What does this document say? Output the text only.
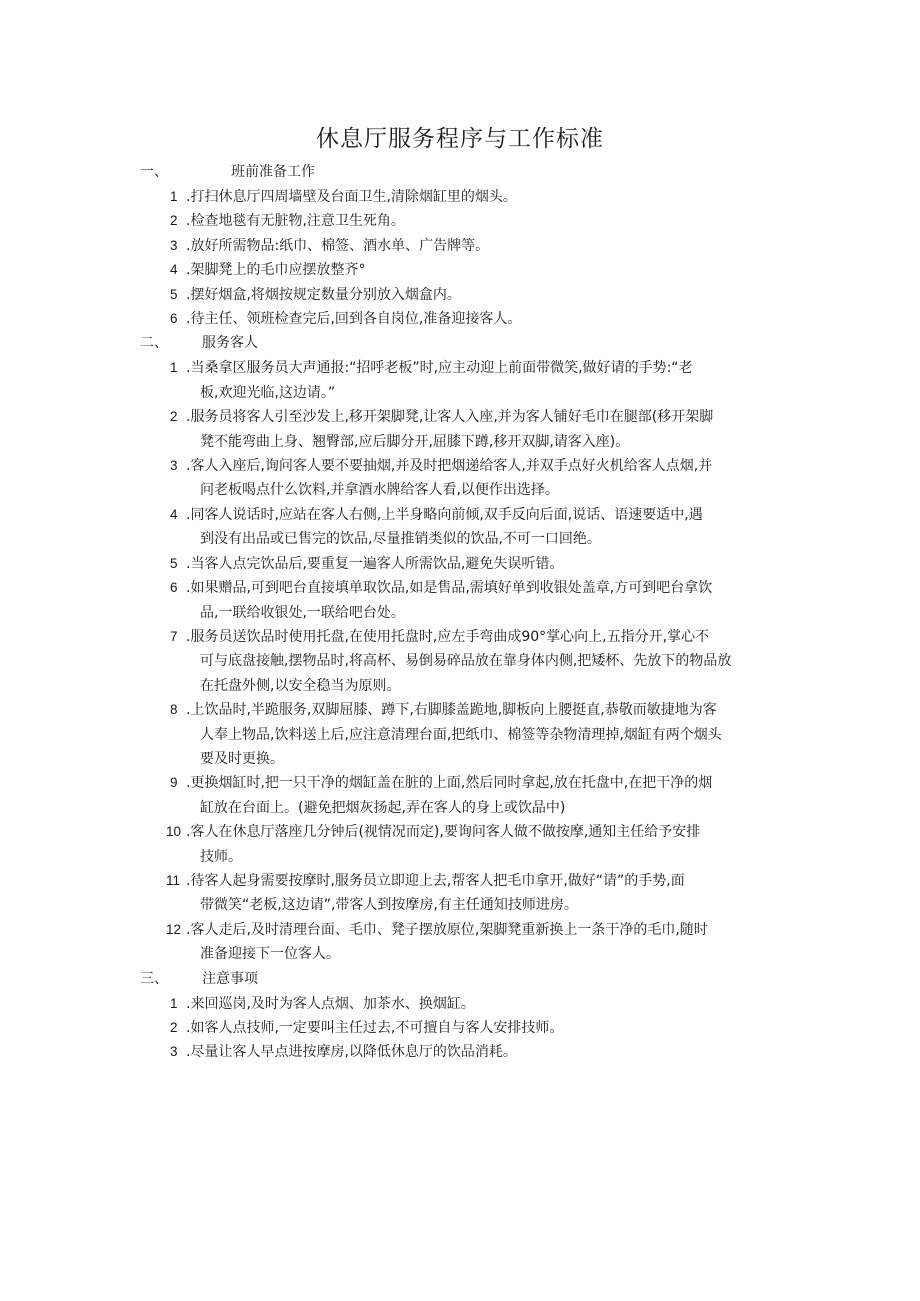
休息厅服务程序与工作标准
一、	班前准备工作
1 .打扫休息厅四周墙壁及台面卫生,清除烟缸里的烟头。
2 .检查地毯有无脏物,注意卫生死角。
3 .放好所需物品:纸巾、棉签、酒水单、广告牌等。
4 .架脚凳上的毛巾应摆放整齐°
5 .摆好烟盒,将烟按规定数量分别放入烟盒内。
6 .待主任、领班检查完后,回到各自岗位,准备迎接客人。
二、 服务客人
1 .当桑拿区服务员大声通报:“招呼老板”时,应主动迎上前面带微笑,做好请的手势:“老
板,欢迎光临,这边请。”
2 .服务员将客人引至沙发上,移开架脚凳,让客人入座,并为客人铺好毛巾在腿部(移开架脚
凳不能弯曲上身、翘臀部,应后脚分开,屈膝下蹲,移开双脚,请客入座)。
3 .客人入座后,询问客人要不要抽烟,并及时把烟递给客人,并双手点好火机给客人点烟,并
问老板喝点什么饮料,并拿酒水牌给客人看,以便作出选择。
4 .同客人说话时,应站在客人右侧,上半身略向前倾,双手反向后面,说话、语速要适中,遇
到没有出品或已售完的饮品,尽量推销类似的饮品,不可一口回绝。
5 .当客人点完饮品后,要重复一遍客人所需饮品,避免失误听错。
6 .如果赠品,可到吧台直接填单取饮品,如是售品,需填好单到收银处盖章,方可到吧台拿饮
品,一联给收银处,一联给吧台处。
7 .服务员送饮品时使用托盘,在使用托盘时,应左手弯曲成90°掌心向上,五指分开,掌心不
可与底盘接触,摆物品时,将高杯、易倒易碎品放在靠身体内侧,把矮杯、先放下的物品放
在托盘外侧,以安全稳当为原则。
8 .上饮品时,半跪服务,双脚屈膝、蹲下,右脚膝盖跪地,脚板向上腰挺直,恭敬而敏捷地为客
人奉上物品,饮料送上后,应注意清理台面,把纸巾、棉签等杂物清理掉,烟缸有两个烟头
要及时更换。
9 .更换烟缸时,把一只干净的烟缸盖在脏的上面,然后同时拿起,放在托盘中,在把干净的烟
缸放在台面上。(避免把烟灰扬起,弄在客人的身上或饮品中)
10 .客人在休息厅落座几分钟后(视情况而定),要询问客人做不做按摩,通知主任给予安排
技师。
11 .待客人起身需要按摩时,服务员立即迎上去,帮客人把毛巾拿开,做好“请”的手势,面
带微笑“老板,这边请”,带客人到按摩房,有主任通知技师进房。
12 .客人走后,及时清理台面、毛巾、凳子摆放原位,架脚凳重新换上一条干净的毛巾,随时
准备迎接下一位客人。
三、 注意事项
1 .来回巡岗,及时为客人点烟、加茶水、换烟缸。
2 .如客人点技师,一定要叫主任过去,不可擅自与客人安排技师。
3 .尽量让客人早点进按摩房,以降低休息厅的饮品消耗。
